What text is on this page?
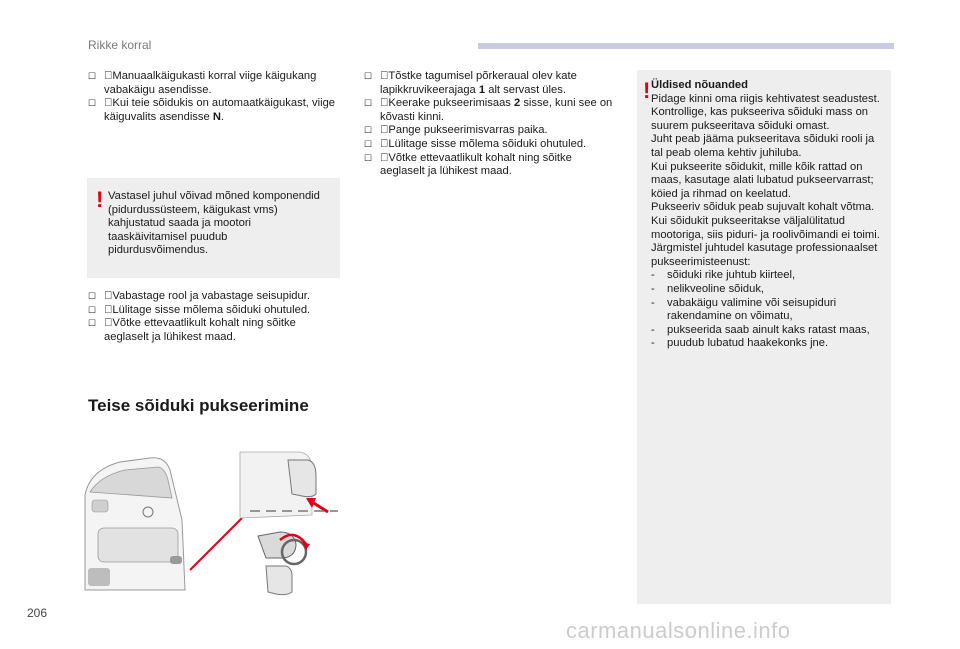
Rikke korral
☐ Manuaalkäigukasti korral viige käigukang vabakäigu asendisse.
☐ Kui teie sõidukis on automaatkäigukast, viige käiguvalits asendisse N.
! Vastasel juhul võivad mõned komponendid (pidurdussüsteem, käigukast vms) kahjustatud saada ja mootori taaskäivitamisel puudub pidurdusvõimendus.
☐ Vabastage rool ja vabastage seisupidur.
☐ Lülitage sisse mõlema sõiduki ohutuled.
☐ Võtke ettevaatlikult kohalt ning sõitke aeglaselt ja lühikest maad.
Teise sõiduki pukseerimine
☐ Tõstke tagumisel põrkeraual olev kate lapikkruvikeerajaga 1 alt servast üles.
☐ Keerake pukseerimisaas 2 sisse, kuni see on kõvasti kinni.
☐ Pange pukseerimisvarras paika.
☐ Lülitage sisse mõlema sõiduki ohutuled.
☐ Võtke ettevaatlikult kohalt ning sõitke aeglaselt ja lühikest maad.
! Üldised nõuanded
Pidage kinni oma riigis kehtivatest seadustest.
Kontrollige, kas pukseeriva sõiduki mass on suurem pukseeritava sõiduki omast.
Juht peab jääma pukseeritava sõiduki rooli ja tal peab olema kehtiv juhiluba.
Kui pukseerite sõidukit, mille kõik rattad on maas, kasutage alati lubatud pukseervarrast; köied ja rihmad on keelatud.
Pukseeriv sõiduk peab sujuvalt kohalt võtma.
Kui sõidukit pukseeritakse väljalülitatud mootoriga, siis piduri- ja roolivõimandi ei toimi.
Järgmistel juhtudel kasutage professionaalset pukseerimisteenust:
- sõiduki rike juhtub kiirteel,
- nelikveoline sõiduk,
- vabakäigu valimine või seisupiduri rakendamine on võimatu,
- pukseerida saab ainult kaks ratast maas,
- puudub lubatud haakekonks jne.
206
carmanualsonline.info
